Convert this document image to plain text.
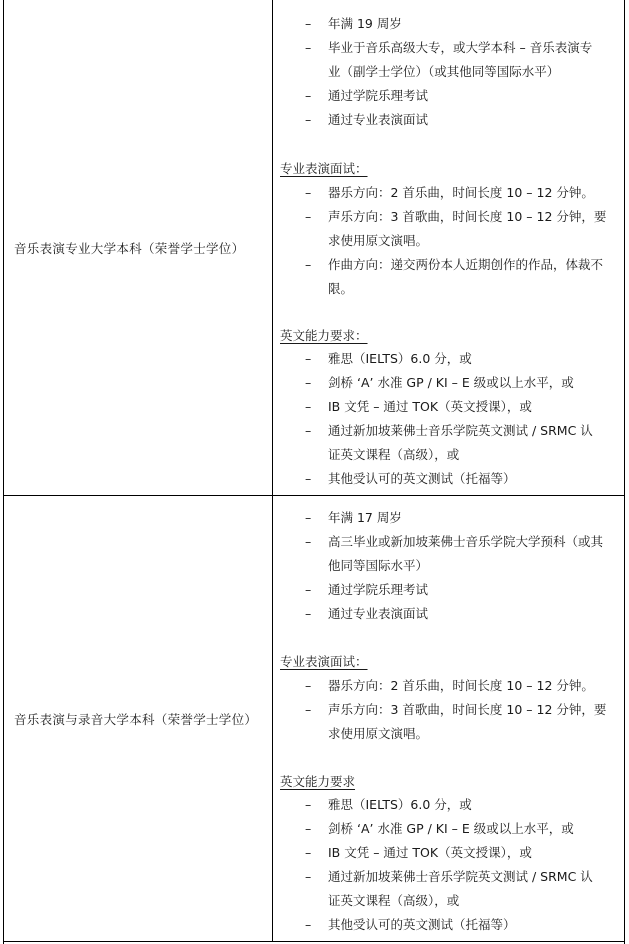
音乐表演专业大学本科（荣誉学士学位）
– 年满 19 周岁
– 毕业于音乐高级大专，或大学本科 – 音乐表演专
业（副学士学位）（或其他同等国际水平）
– 通过学院乐理考试
– 通过专业表演面试
专业表演面试：
– 器乐方向：2 首乐曲，时间长度 10 – 12 分钟。
– 声乐方向：3 首歌曲，时间长度 10 – 12 分钟，要
求使用原文演唱。
– 作曲方向：递交两份本人近期创作的作品，体裁不
限。
英文能力要求：
– 雅思（IELTS）6.0 分，或
– 剑桥 ‘A’ 水准 GP / KI – E 级或以上水平，或
– IB 文凭 – 通过 TOK（英文授课），或
– 通过新加坡莱佛士音乐学院英文测试 / SRMC 认
证英文课程（高级），或
– 其他受认可的英文测试（托福等）
音乐表演与录音大学本科（荣誉学士学位）
– 年满 17 周岁
– 高三毕业或新加坡莱佛士音乐学院大学预科（或其
他同等国际水平）
– 通过学院乐理考试
– 通过专业表演面试
专业表演面试：
– 器乐方向：2 首乐曲，时间长度 10 – 12 分钟。
– 声乐方向：3 首歌曲，时间长度 10 – 12 分钟，要
求使用原文演唱。
英文能力要求
– 雅思（IELTS）6.0 分，或
– 剑桥 ‘A’ 水准 GP / KI – E 级或以上水平，或
– IB 文凭 – 通过 TOK（英文授课），或
– 通过新加坡莱佛士音乐学院英文测试 / SRMC 认
证英文课程（高级），或
– 其他受认可的英文测试（托福等）
